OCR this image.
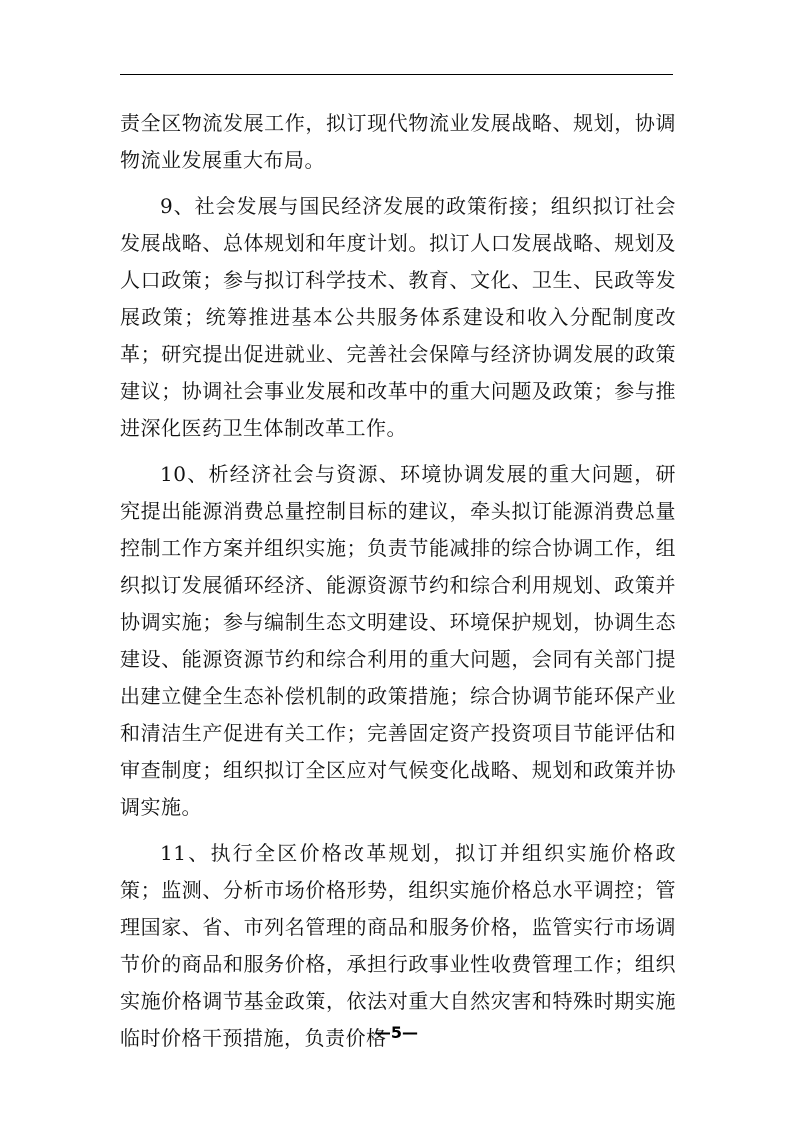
责全区物流发展工作，拟订现代物流业发展战略、规划，协调物流业发展重大布局。

9、社会发展与国民经济发展的政策衔接；组织拟订社会发展战略、总体规划和年度计划。拟订人口发展战略、规划及人口政策；参与拟订科学技术、教育、文化、卫生、民政等发展政策；统筹推进基本公共服务体系建设和收入分配制度改革；研究提出促进就业、完善社会保障与经济协调发展的政策建议；协调社会事业发展和改革中的重大问题及政策；参与推进深化医药卫生体制改革工作。

10、析经济社会与资源、环境协调发展的重大问题，研究提出能源消费总量控制目标的建议，牵头拟订能源消费总量控制工作方案并组织实施；负责节能减排的综合协调工作，组织拟订发展循环经济、能源资源节约和综合利用规划、政策并协调实施；参与编制生态文明建设、环境保护规划，协调生态建设、能源资源节约和综合利用的重大问题，会同有关部门提出建立健全生态补偿机制的政策措施；综合协调节能环保产业和清洁生产促进有关工作；完善固定资产投资项目节能评估和审查制度；组织拟订全区应对气候变化战略、规划和政策并协调实施。

11、执行全区价格改革规划，拟订并组织实施价格政策；监测、分析市场价格形势，组织实施价格总水平调控；管理国家、省、市列名管理的商品和服务价格，监管实行市场调节价的商品和服务价格，承担行政事业性收费管理工作；组织实施价格调节基金政策，依法对重大自然灾害和特殊时期实施临时价格干预措施，负责价格

—5—
